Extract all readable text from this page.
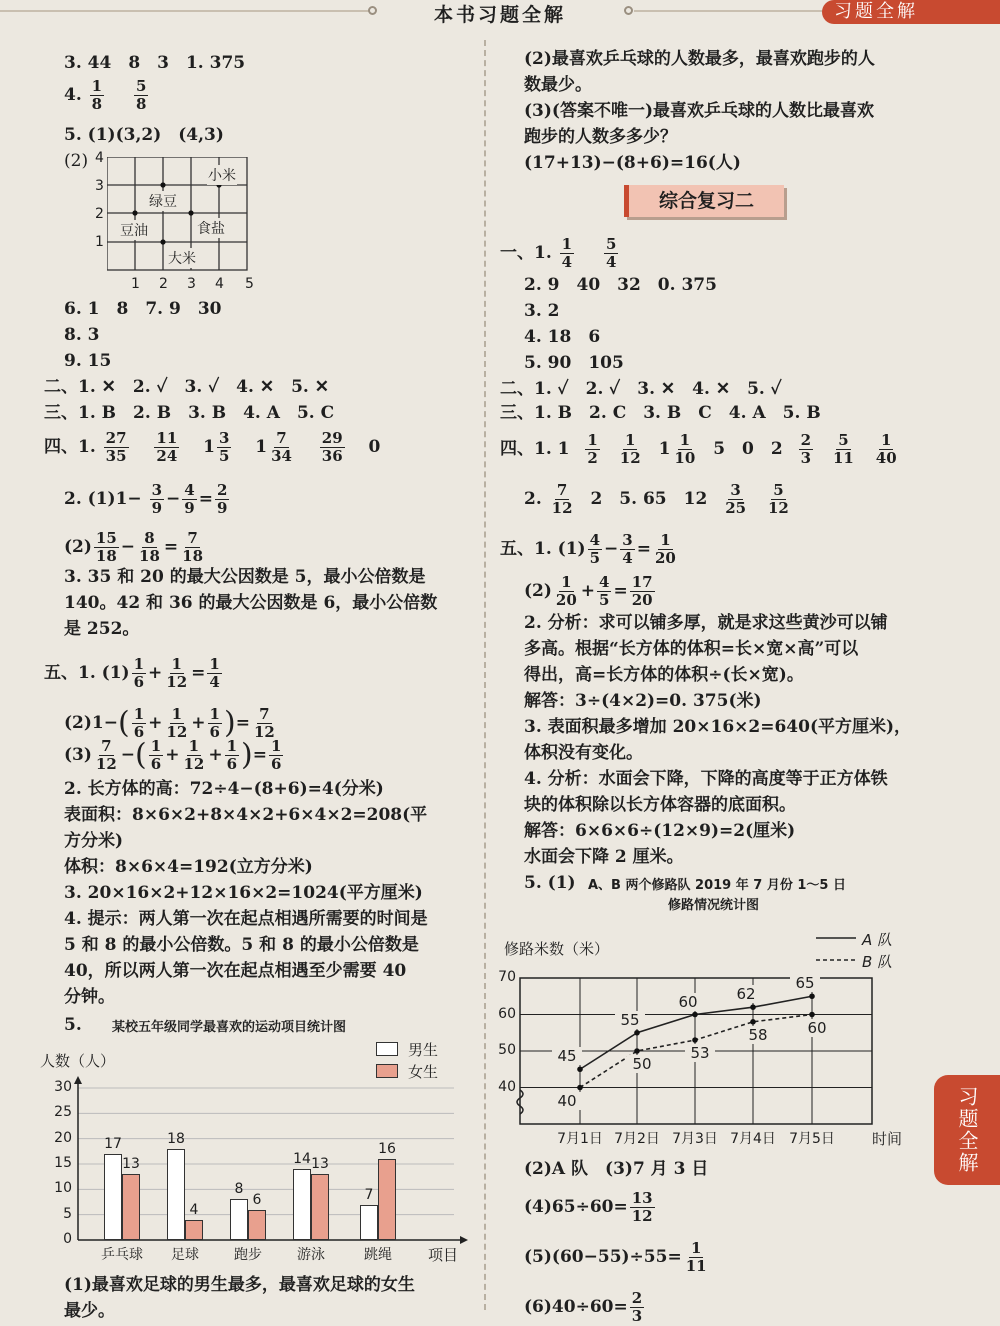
本书习题全解	习题全解
习题全解
3. 44　8　3　1. 375
4. $\frac{1}{8}$
$\frac{5}{8}$
5. (1)(3,2)　(4,3)
(2) 4
3
2
1
1 2 3 4 5
小米
绿豆
食盐
豆油
大米
6. 1　8　7. 9　30
8. 3
9. 15
二、1. ✕　2. ✓　3. ✓　4. ✕　5. ✕
三、1. B　2. B　3. B　4. A　5. C
四、1. $\frac{27}{35}$
$\frac{11}{24} 1 \frac{3}{5} 1 \frac{7}{34}$
$\frac{29}{36} 0$
2. $(1)1- \frac{3}{9} - \frac{4}{9} = \frac{2}{9}$
$(2) \frac{15}{18} - \frac{8}{18} = \frac{7}{18}$
3. 35 和 20 的最大公因数是 5，最小公倍数是
140。42 和 36 的最大公因数是 6，最小公倍数
是 252。
五、1. $(1) \frac{1}{6} + \frac{1}{12} = \frac{1}{4}$
$(2)1-( \frac{1}{6} + \frac{1}{12} + \frac{1}{6}$ )= $\frac{7}{12}$
$(3) \frac{7}{12}$ −( $\frac{1}{6} + \frac{1}{12} + \frac{1}{6}$ )= $\frac{1}{6}$
2. 长方体的高：72÷4−(8+6)=4(分米)
表面积：8×6×2+8×4×2+6×4×2=208(平
方分米)
体积：8×6×4=192(立方分米)
3. 20×16×2+12×16×2=1024(平方厘米)
4. 提示：两人第一次在起点相遇所需要的时间是
5 和 8 的最小公倍数。5 和 8 的最小公倍数是
40，所以两人第一次在起点相遇至少需要 40
分钟。
5. 某校五年级同学最喜欢的运动项目统计图
男生
女生
人数（人）
项目
0
5
10
15
20
25
30
17
13
乒乓球
18
4
足球
8
6
跑步
14 13
游泳
7
16
跳绳
(1)最喜欢足球的男生最多，最喜欢足球的女生
最少。
(2)最喜欢乒乓球的人数最多，最喜欢跑步的人
数最少。
(3)(答案不唯一)最喜欢乒乓球的人数比最喜欢
跑步的人数多多少？
(17+13)−(8+6)=16(人)
综合复习二
一、1. $\frac{1}{4}$
$\frac{5}{4}$
2. 9　40　32　0. 375
3. 2
4. 18　6
5. 90　105
二、1. ✓　2. ✓　3. ✕　4. ✕　5. ✓
三、1. B　2. C　3. B　C　4. A　5. B
四、1. $1 \frac{1}{2}$
$\frac{1}{12} 1 \frac{1}{10} 5$　0　$2 \frac{2}{3}$
$\frac{5}{11}$
$\frac{1}{40}$
2. $\frac{7}{12} 2$　5. 65　$12 \frac{3}{25}$
$\frac{5}{12}$
五、1. $(1) \frac{4}{5} - \frac{3}{4} = \frac{1}{20}$
$(2) \frac{1}{20} + \frac{4}{5} = \frac{17}{20}$
2. 分析：求可以铺多厚，就是求这些黄沙可以铺
多高。根据“长方体的体积=长×宽×高”可以
得出，高=长方体的体积÷(长×宽)。
解答：3÷(4×2)=0. 375(米)
3. 表面积最多增加 20×16×2=640(平方厘米)，
体积没有变化。
4. 分析：水面会下降，下降的高度等于正方体铁
块的体积除以长方体容器的底面积。
解答：6×6×6÷(12×9)=2(厘米)
水面会下降 2 厘米。
5. (1) A、B 两个修路队 2019 年 7 月份 1～5 日
修路情况统计图
修路米数（米）
时间
A 队
B 队
45
55
60	62
65
40
50
53
58	60
40
50
60
70
7月1日 7月2日 7月3日 7月4日 7月5日
(2)A 队　(3)7 月 3 日
$(4)65\div 60= \frac{13}{12}$
$(5)(60-55)\div 55= \frac{1}{11}$
$(6)40\div 60= \frac{2}{3}$
